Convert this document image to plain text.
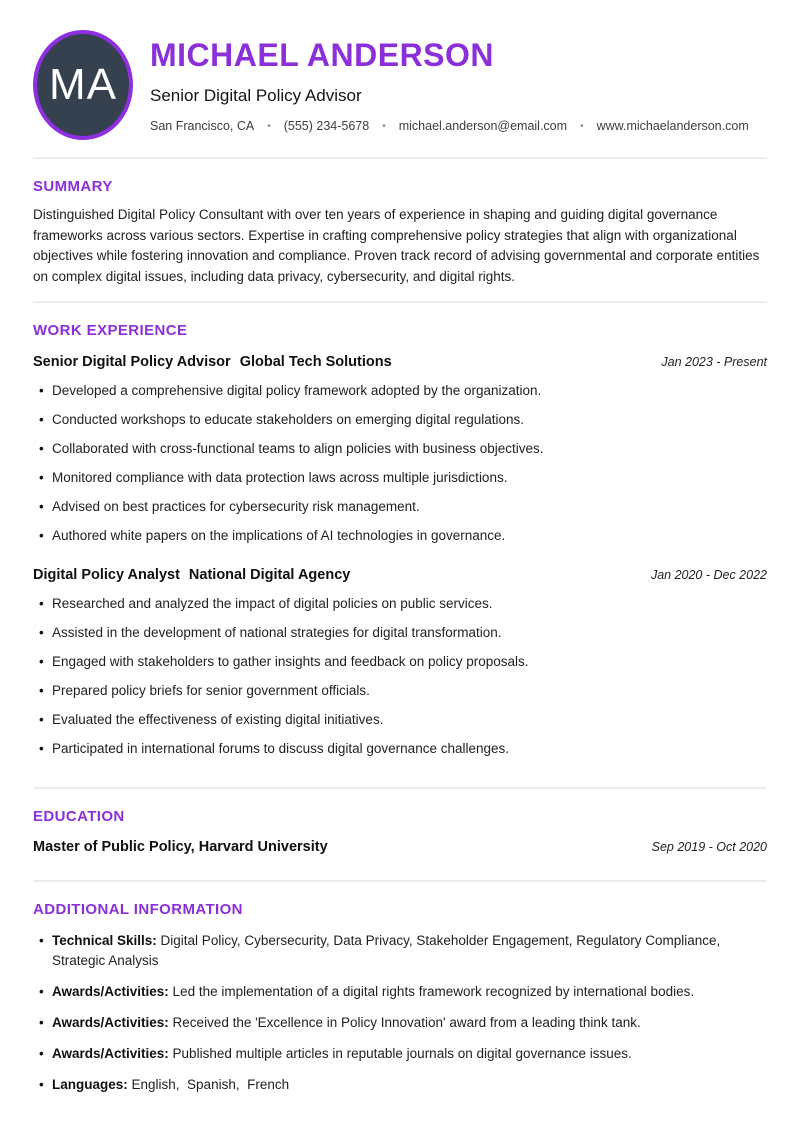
MA
MICHAEL ANDERSON
Senior Digital Policy Advisor
San Francisco, CA • (555) 234-5678 • michael.anderson@email.com • www.michaelanderson.com
SUMMARY

Distinguished Digital Policy Consultant with over ten years of experience in shaping and guiding digital governance frameworks across various sectors. Expertise in crafting comprehensive policy strategies that align with organizational objectives while fostering innovation and compliance. Proven track record of advising governmental and corporate entities on complex digital issues, including data privacy, cybersecurity, and digital rights.

WORK EXPERIENCE
Senior Digital Policy Advisor Global Tech Solutions	Jan 2023 - Present
• Developed a comprehensive digital policy framework adopted by the organization.
• Conducted workshops to educate stakeholders on emerging digital regulations.
• Collaborated with cross-functional teams to align policies with business objectives.
• Monitored compliance with data protection laws across multiple jurisdictions.
• Advised on best practices for cybersecurity risk management.
• Authored white papers on the implications of AI technologies in governance.
Digital Policy Analyst National Digital Agency	Jan 2020 - Dec 2022
• Researched and analyzed the impact of digital policies on public services.
• Assisted in the development of national strategies for digital transformation.
• Engaged with stakeholders to gather insights and feedback on policy proposals.
• Prepared policy briefs for senior government officials.
• Evaluated the effectiveness of existing digital initiatives.
• Participated in international forums to discuss digital governance challenges.
EDUCATION
Master of Public Policy, Harvard University	Sep 2019 - Oct 2020
ADDITIONAL INFORMATION
• Technical Skills: Digital Policy, Cybersecurity, Data Privacy, Stakeholder Engagement, Regulatory Compliance, Strategic Analysis
• Awards/Activities: Led the implementation of a digital rights framework recognized by international bodies.
• Awards/Activities: Received the 'Excellence in Policy Innovation' award from a leading think tank.
• Awards/Activities: Published multiple articles in reputable journals on digital governance issues.
• Languages: English,  Spanish,  French
